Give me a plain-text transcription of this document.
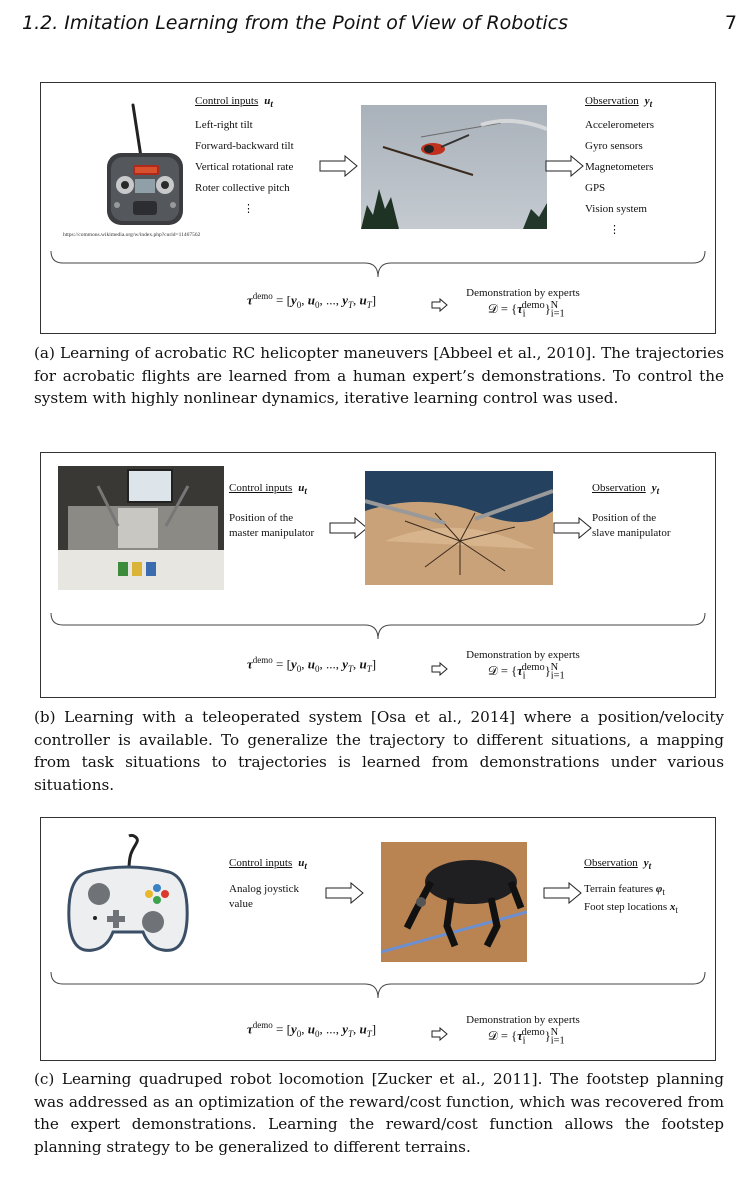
1.2. Imitation Learning from the Point of View of Robotics	7
https://commons.wikimedia.org/w/index.php?curid=11467562
Control inputs $u_t$
Left-right tilt
Forward-backward tilt
Vertical rotational rate
Roter collective pitch
⋮
Observation $y_t$
Accelerometers
Gyro sensors
Magnetometers
GPS
Vision system
⋮
$\tau^{demo} = [y_0$, $u_0$, ..., $y_T$, $u_T$]	Demonstration by experts
𝒟 = $\{\tau_i^{demo}\}_{i=1}^N$
(a) Learning of acrobatic RC helicopter maneuvers [Abbeel et al., 2010]. The trajectories for acrobatic flights are learned from a human expert’s demonstrations. To control the system with highly nonlinear dynamics, iterative learning control was used.
Control inputs $u_t$
Position of the
master manipulator
Observation $y_t$
Position of the
slave manipulator
$\tau^{demo} = [y_0$, $u_0$, ..., $y_T$, $u_T$]
Demonstration by experts
𝒟 = $\{\tau_i^{demo}\}_{i=1}^N$
(b) Learning with a teleoperated system [Osa et al., 2014] where a position/velocity controller is available. To generalize the trajectory to different situations, a mapping from task situations to trajectories is learned from demonstrations under various situations.
Control inputs $u_t$
Analog joystick
value
Observation $y_t$
Terrain features $\varphi_t$
Foot step locations $x_t$
$\tau^{demo} = [y_0$, $u_0$, ..., $y_T$, $u_T$]
Demonstration by experts
𝒟 = $\{\tau_i^{demo}\}_{i=1}^N$
(c) Learning quadruped robot locomotion [Zucker et al., 2011]. The footstep planning was addressed as an optimization of the reward/cost function, which was recovered from the expert demonstrations. Learning the reward/cost function allows the footstep planning strategy to be generalized to different terrains.
